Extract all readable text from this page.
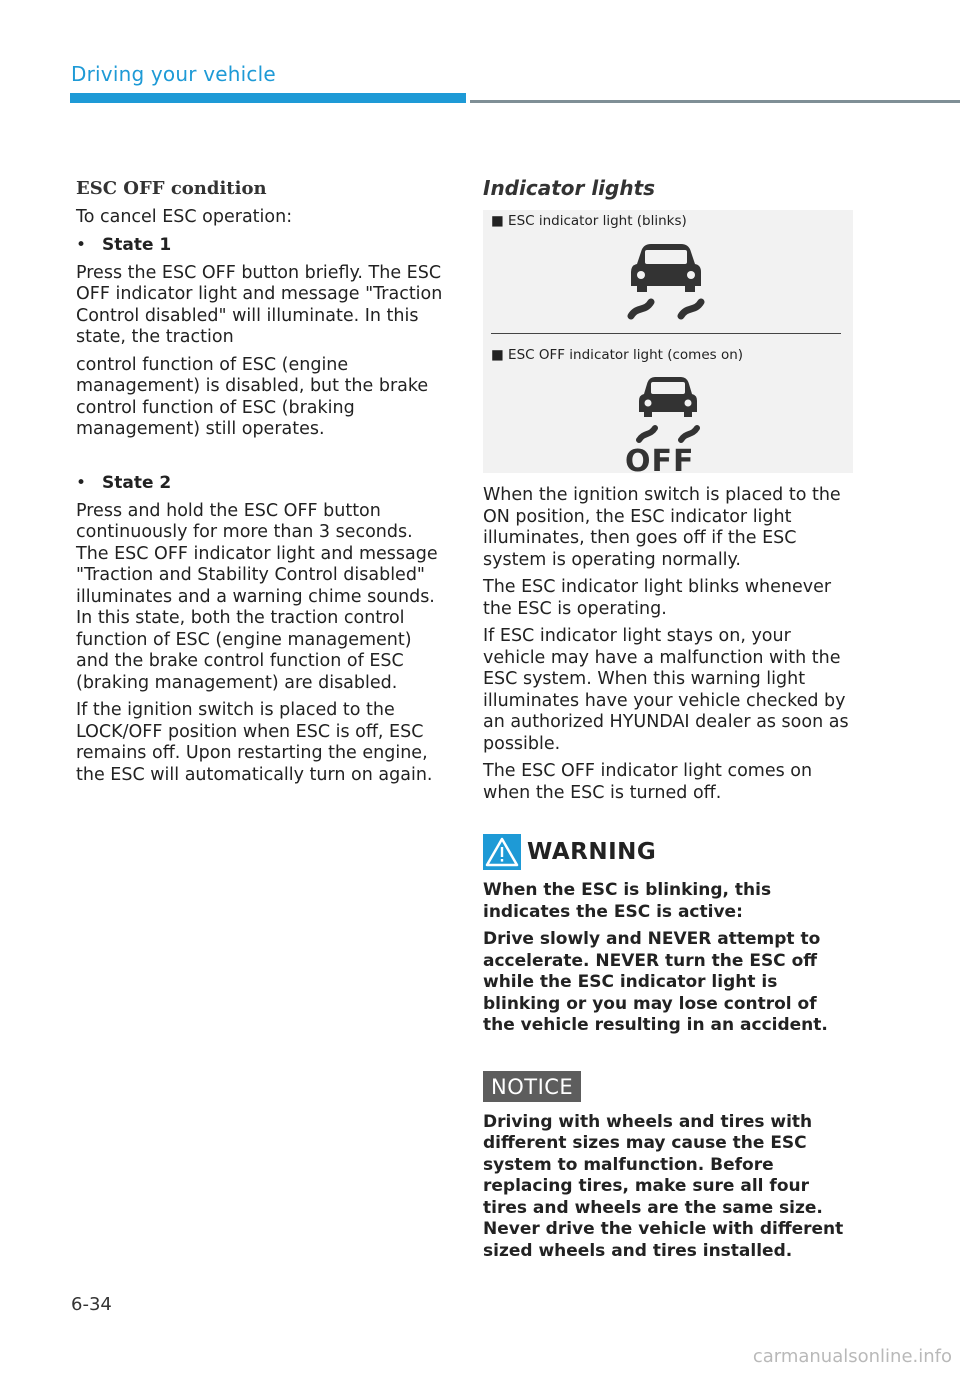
Driving your vehicle
ESC OFF condition

To cancel ESC operation:

• State 1

Press the ESC OFF button briefly. The ESC OFF indicator light and message "Traction Control disabled" will illuminate. In this state, the traction

control function of ESC (engine management) is disabled, but the brake control function of ESC (braking management) still operates.

• State 2

Press and hold the ESC OFF button continuously for more than 3 seconds. The ESC OFF indicator light and message "Traction and Stability Control disabled" illuminates and a warning chime sounds. In this state, both the traction control function of ESC (engine management) and the brake control function of ESC (braking management) are disabled.

If the ignition switch is placed to the LOCK/OFF position when ESC is off, ESC remains off. Upon restarting the engine, the ESC will automatically turn on again.

Indicator lights
■ ESC indicator light (blinks)
■ ESC OFF indicator light (comes on)
OFF

When the ignition switch is placed to the ON position, the ESC indicator light illuminates, then goes off if the ESC system is operating normally.

The ESC indicator light blinks whenever the ESC is operating.

If ESC indicator light stays on, your vehicle may have a malfunction with the ESC system. When this warning light illuminates have your vehicle checked by an authorized HYUNDAI dealer as soon as possible.

The ESC OFF indicator light comes on when the ESC is turned off.

WARNING

When the ESC is blinking, this indicates the ESC is active:

Drive slowly and NEVER attempt to accelerate. NEVER turn the ESC off while the ESC indicator light is blinking or you may lose control of the vehicle resulting in an accident.

NOTICE

Driving with wheels and tires with different sizes may cause the ESC system to malfunction. Before replacing tires, make sure all four tires and wheels are the same size. Never drive the vehicle with different sized wheels and tires installed.

6-34
carmanualsonline.info
